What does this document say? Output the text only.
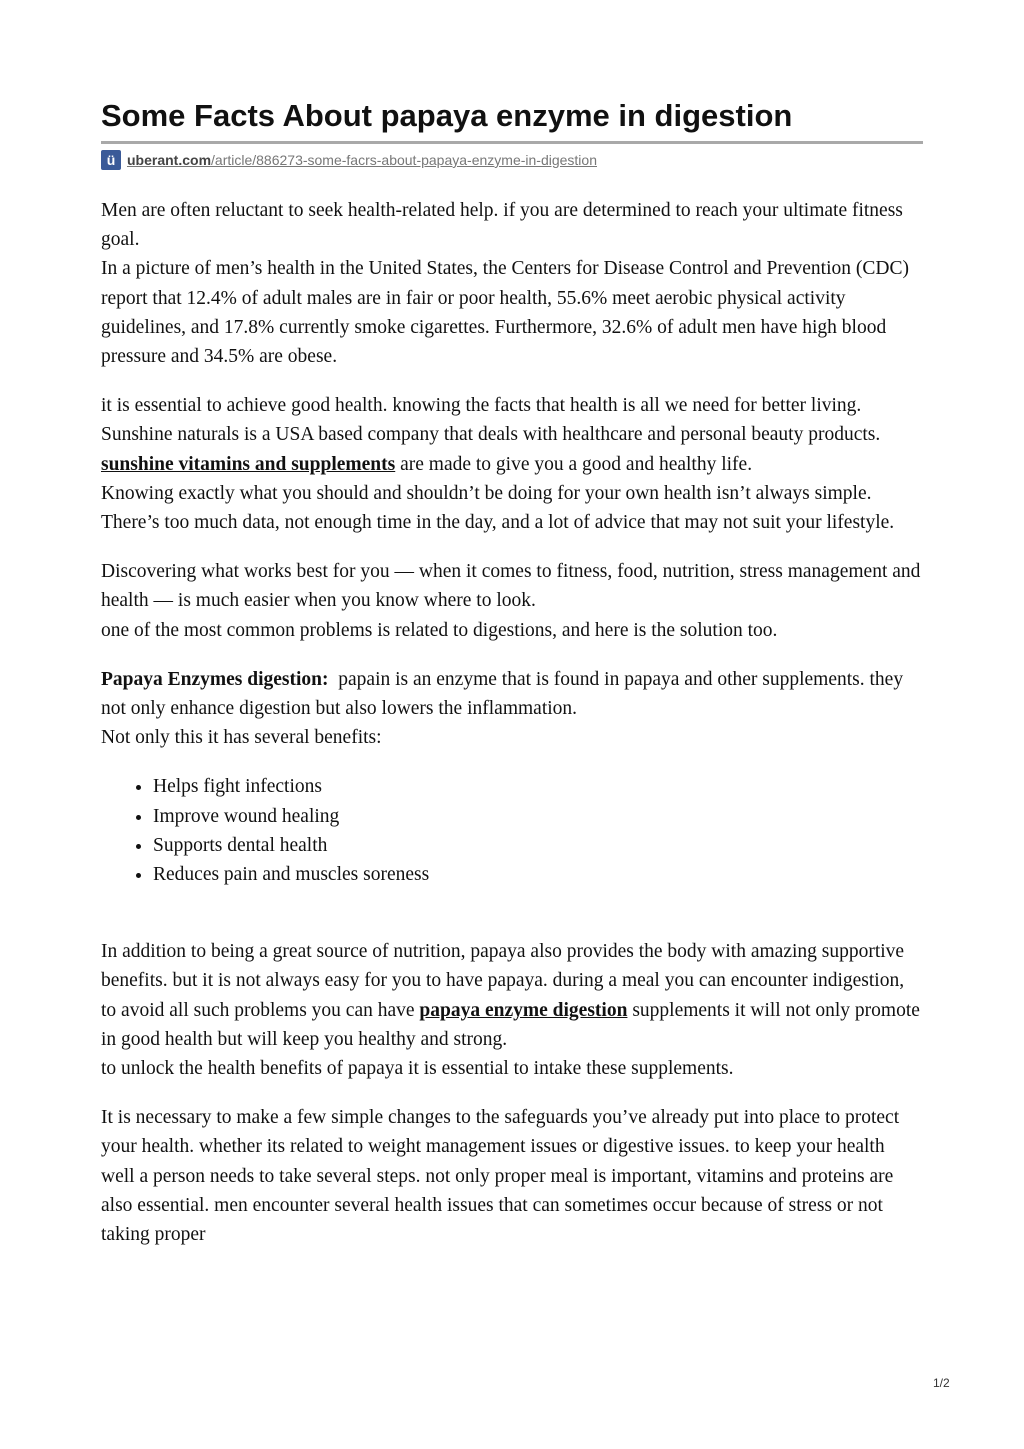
Some Facts About papaya enzyme in digestion
ü uberant.com/article/886273-some-facrs-about-papaya-enzyme-in-digestion

Men are often reluctant to seek health-related help. if you are determined to reach your ultimate fitness goal.
In a picture of men’s health in the United States, the Centers for Disease Control and Prevention (CDC) report that 12.4% of adult males are in fair or poor health, 55.6% meet aerobic physical activity guidelines, and 17.8% currently smoke cigarettes. Furthermore, 32.6% of adult men have high blood pressure and 34.5% are obese.

it is essential to achieve good health. knowing the facts that health is all we need for better living.
Sunshine naturals is a USA based company that deals with healthcare and personal beauty products. sunshine vitamins and supplements are made to give you a good and healthy life.
Knowing exactly what you should and shouldn’t be doing for your own health isn’t always simple. There’s too much data, not enough time in the day, and a lot of advice that may not suit your lifestyle.

Discovering what works best for you — when it comes to fitness, food, nutrition, stress management and health — is much easier when you know where to look.
one of the most common problems is related to digestions, and here is the solution too.

Papaya Enzymes digestion:  papain is an enzyme that is found in papaya and other supplements. they not only enhance digestion but also lowers the inflammation.
Not only this it has several benefits:

• Helps fight infections
• Improve wound healing
• Supports dental health
• Reduces pain and muscles soreness

In addition to being a great source of nutrition, papaya also provides the body with amazing supportive benefits. but it is not always easy for you to have papaya. during a meal you can encounter indigestion, to avoid all such problems you can have papaya enzyme digestion supplements it will not only promote in good health but will keep you healthy and strong.
to unlock the health benefits of papaya it is essential to intake these supplements.

It is necessary to make a few simple changes to the safeguards you’ve already put into place to protect your health. whether its related to weight management issues or digestive issues. to keep your health well a person needs to take several steps. not only proper meal is important, vitamins and proteins are also essential. men encounter several health issues that can sometimes occur because of stress or not taking proper

1/2
